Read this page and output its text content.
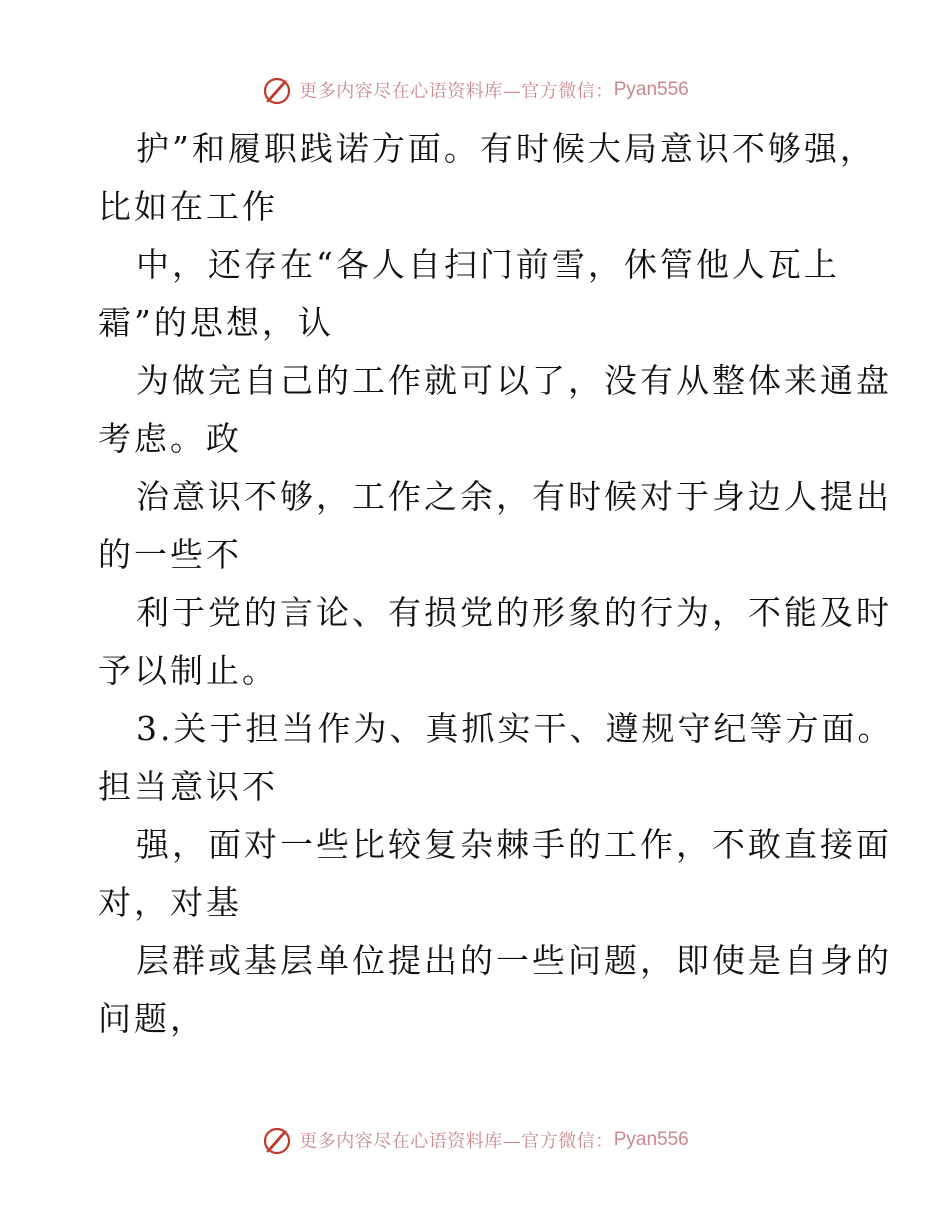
更多内容尽在心语资料库—官方微信： Pyan556

护”和履职践诺方面。有时候大局意识不够强，
比如在工作

中，还存在“各人自扫门前雪，休管他人瓦上
霜”的思想，认

为做完自己的工作就可以了，没有从整体来通盘
考虑。政

治意识不够，工作之余，有时候对于身边人提出
的一些不

利于党的言论、有损党的形象的行为，不能及时
予以制止。

3.关于担当作为、真抓实干、遵规守纪等方面。
担当意识不

强，面对一些比较复杂棘手的工作，不敢直接面
对，对基

层群或基层单位提出的一些问题，即使是自身的
问题，

更多内容尽在心语资料库—官方微信： Pyan556
